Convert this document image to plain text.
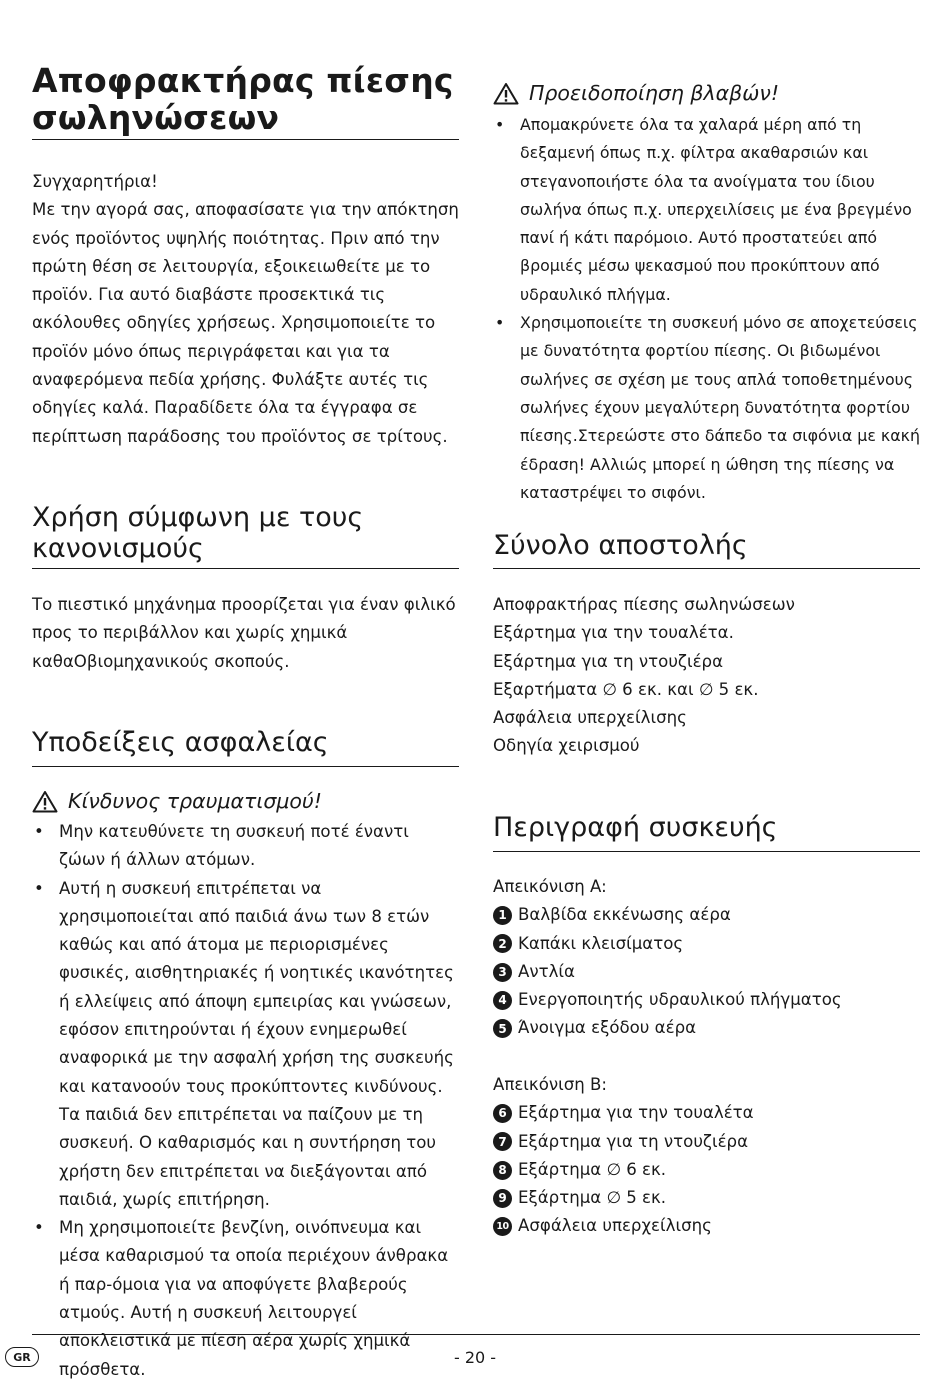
Αποφρακτήρας πίεσης σωληνώσεων

Συγχαρητήρια!

Με την αγορά σας, αποφασίσατε για την απόκτηση ενός προϊόντος υψηλής ποιότητας. Πριν από την πρώτη θέση σε λειτουργία, εξοικειωθείτε με το προϊόν. Για αυτό διαβάστε προσεκτικά τις ακόλουθες οδηγίες χρήσεως. Χρησιμοποιείτε το προϊόν μόνο όπως περιγράφεται και για τα αναφερόμενα πεδία χρήσης. Φυλάξτε αυτές τις οδηγίες καλά. Παραδίδετε όλα τα έγγραφα σε περίπτωση παράδοσης του προϊόντος σε τρίτους.

Χρήση σύμφωνη με τους κανονισμούς

Το πιεστικό μηχάνημα προορίζεται για έναν φιλικό προς το περιβάλλον και χωρίς χημικά καθαΟβιομηχανικούς σκοπούς.

Υποδείξεις ασφαλείας
Κίνδυνος τραυματισμού!
• Μην κατευθύνετε τη συσκευή ποτέ έναντι ζώων ή άλλων ατόμων.
• Αυτή η συσκευή επιτρέπεται να χρησιμοποιείται από παιδιά άνω των 8 ετών καθώς και από άτομα με περιορισμένες φυσικές, αισθητηριακές ή νοητικές ικανότητες ή ελλείψεις από άποψη εμπειρίας και γνώσεων, εφόσον επιτηρούνται ή έχουν ενημερωθεί αναφορικά με την ασφαλή χρήση της συσκευής και κατανοούν τους προκύπτοντες κινδύνους. Τα παιδιά δεν επιτρέπεται να παίζουν με τη συσκευή. Ο καθαρισμός και η συντήρηση του χρήστη δεν επιτρέπεται να διεξάγονται από παιδιά, χωρίς επιτήρηση.
• Μη χρησιμοποιείτε βενζίνη, οινόπνευμα και μέσα καθαρισμού τα οποία περιέχουν άνθρακα ή παρ-όμοια για να αποφύγετε βλαβερούς ατμούς. Αυτή η συσκευή λειτουργεί αποκλειστικά με πίεση αέρα χωρίς χημικά πρόσθετα.
Προειδοποίηση βλαβών!
• Απομακρύνετε όλα τα χαλαρά μέρη από τη δεξαμενή όπως π.χ. φίλτρα ακαθαρσιών και στεγανοποιήστε όλα τα ανοίγματα του ίδιου σωλήνα όπως π.χ. υπερχειλίσεις με ένα βρεγμένο πανί ή κάτι παρόμοιο. Αυτό προστατεύει από βρομιές μέσω ψεκασμού που προκύπτουν από υδραυλικό πλήγμα.
• Χρησιμοποιείτε τη συσκευή μόνο σε αποχετεύσεις με δυνατότητα φορτίου πίεσης. Οι βιδωμένοι σωλήνες σε σχέση με τους απλά τοποθετημένους σωλήνες έχουν μεγαλύτερη δυνατότητα φορτίου πίεσης.Στερεώστε στο δάπεδο τα σιφόνια με κακή έδραση! Αλλιώς μπορεί η ώθηση της πίεσης να καταστρέψει το σιφόνι.
Σύνολο αποστολής

Αποφρακτήρας πίεσης σωληνώσεων

Εξάρτημα για την τουαλέτα.

Εξάρτημα για τη ντουζιέρα

Εξαρτήματα ∅ 6 εκ. και ∅ 5 εκ.

Ασφάλεια υπερχείλισης

Οδηγία χειρισμού

Περιγραφή συσκευής

Απεικόνιση A:

1 Βαλβίδα εκκένωσης αέρα
2 Καπάκι κλεισίματος
3 Αντλία
4 Ενεργοποιητής υδραυλικού πλήγματος
5 Άνοιγμα εξόδου αέρα

Απεικόνιση B:

6 Εξάρτημα για την τουαλέτα
7 Εξάρτημα για τη ντουζιέρα
8 Εξάρτημα ∅ 6 εκ.
9 Εξάρτημα ∅ 5 εκ.
10 Ασφάλεια υπερχείλισης
GR	- 20 -
